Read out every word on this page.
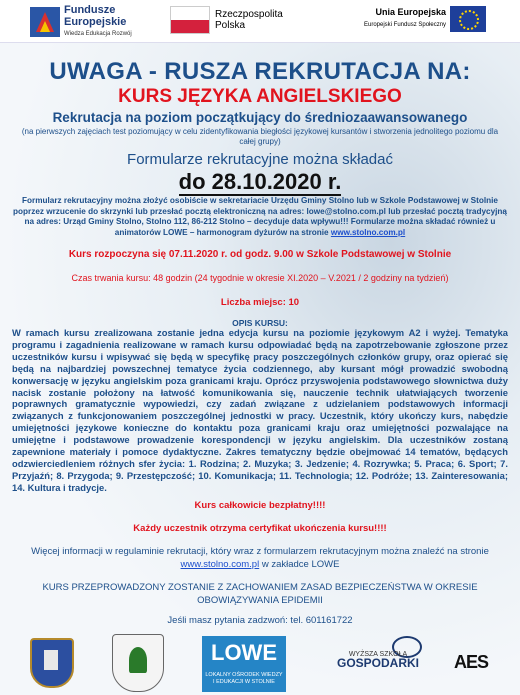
Fundusze Europejskie
Wiedza Edukacja Rozwój
Rzeczpospolita Polska
Unia Europejska
Europejski Fundusz Społeczny
UWAGA - RUSZA REKRUTACJA NA:
KURS JĘZYKA ANGIELSKIEGO
Rekrutacja na poziom początkujący do średniozaawansowanego
(na pierwszych zajęciach test poziomujący w celu zidentyfikowania biegłości językowej kursantów i stworzenia jednolitego poziomu dla całej grupy)
Formularze rekrutacyjne można składać
do 28.10.2020 r.
Formularz rekrutacyjny można złożyć osobiście w sekretariacie Urzędu Gminy Stolno lub w Szkole Podstawowej w Stolnie poprzez wrzucenie do skrzynki lub przesłać pocztą elektroniczną na adres: lowe@stolno.com.pl lub przesłać pocztą tradycyjną na adres: Urząd Gminy Stolno, Stolno 112, 86-212 Stolno – decyduje data wpływu!!! Formularze można składać również u animatorów LOWE – harmonogram dyżurów na stronie www.stolno.com.pl
Kurs rozpoczyna się 07.11.2020 r. od godz. 9.00 w Szkole Podstawowej w Stolnie
Czas trwania kursu: 48 godzin (24 tygodnie w okresie XI.2020 – V.2021 / 2 godziny na tydzień)
Liczba miejsc: 10
OPIS KURSU:
W ramach kursu zrealizowana zostanie jedna edycja kursu na poziomie językowym A2 i wyżej. Tematyka programu i zagadnienia realizowane w ramach kursu odpowiadać będą na zapotrzebowanie zgłoszone przez uczestników kursu i wpisywać się będą w specyfikę pracy poszczególnych członków grupy, oraz opierać się będą na najbardziej powszechnej tematyce życia codziennego, aby kursant mógł prowadzić swobodną konwersację w języku angielskim poza granicami kraju. Oprócz przyswojenia podstawowego słownictwa duży nacisk zostanie położony na łatwość komunikowania się, nauczenie technik ułatwiających tworzenie poprawnych gramatycznie wypowiedzi, czy zadań związane z udzielaniem podstawowych informacji związanych z funkcjonowaniem poszczególnej jednostki w pracy. Uczestnik, który ukończy kurs, nabędzie umiejętności językowe konieczne do kontaktu poza granicami kraju oraz umiejętności pozwalające na umiejętne i podstawowe prowadzenie korespondencji w języku angielskim. Dla uczestników zostaną zapewnione materiały i pomoce dydaktyczne. Zakres tematyczny będzie obejmować 14 tematów, będących odzwierciedleniem różnych sfer życia: 1. Rodzina; 2. Muzyka; 3. Jedzenie; 4. Rozrywka; 5. Praca; 6. Sport; 7. Przyjaźń; 8. Przygoda; 9. Przestępczość; 10. Komunikacja; 11. Technologia; 12. Podróże; 13. Zainteresowania; 14. Kultura i tradycje.
Kurs całkowicie bezpłatny!!!!
Każdy uczestnik otrzyma certyfikat ukończenia kursu!!!!
Więcej informacji w regulaminie rekrutacji, który wraz z formularzem rekrutacyjnym można znaleźć na stronie www.stolno.com.pl w zakładce LOWE
KURS PRZEPROWADZONY ZOSTANIE Z ZACHOWANIEM ZASAD BEZPIECZEŃSTWA W OKRESIE OBOWIĄZYWANIA EPIDEMII
Jeśli masz pytania zadzwoń: tel. 601161722
LOWE
LOKALNY OŚRODEK WIEDZY I EDUKACJI W STOLNIE
WYŻSZA SZKOŁA
GOSPODARKI	AES
